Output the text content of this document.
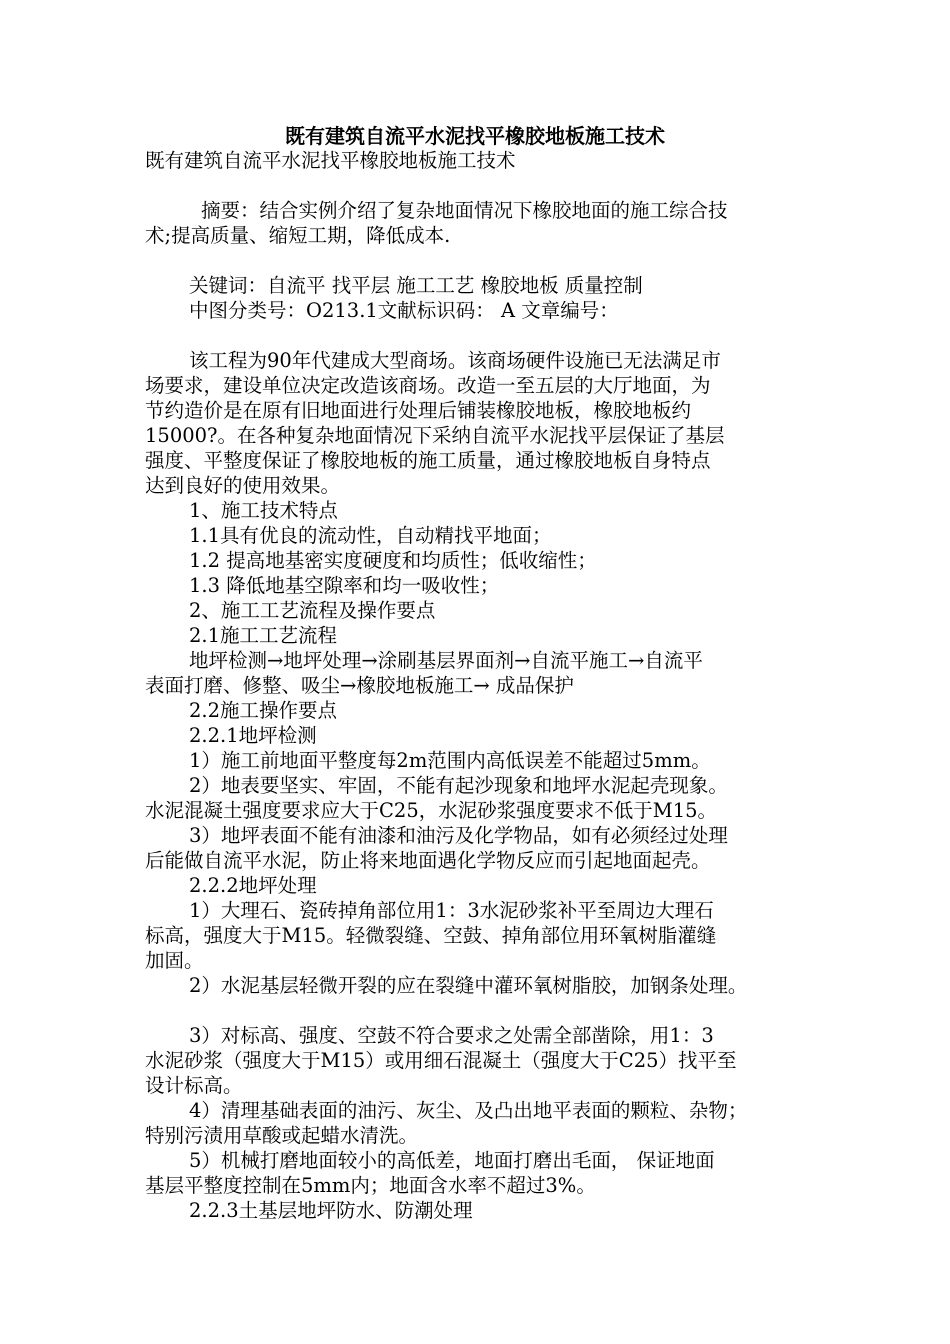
既有建筑自流平水泥找平橡胶地板施工技术
既有建筑自流平水泥找平橡胶地板施工技术
摘要：结合实例介绍了复杂地面情况下橡胶地面的施工综合技
术;提高质量、缩短工期，降低成本.
关键词：自流平 找平层 施工工艺 橡胶地板 质量控制
中图分类号：O213.1文献标识码： A 文章编号：
该工程为90年代建成大型商场。该商场硬件设施已无法满足市
场要求，建设单位决定改造该商场。改造一至五层的大厅地面，为
节约造价是在原有旧地面进行处理后铺装橡胶地板，橡胶地板约
15000?。在各种复杂地面情况下采纳自流平水泥找平层保证了基层
强度、平整度保证了橡胶地板的施工质量，通过橡胶地板自身特点
达到良好的使用效果。
1、施工技术特点
1.1具有优良的流动性，自动精找平地面；
1.2 提高地基密实度硬度和均质性；低收缩性；
1.3 降低地基空隙率和均一吸收性；
2、施工工艺流程及操作要点
2.1施工工艺流程
地坪检测→地坪处理→涂刷基层界面剂→自流平施工→自流平
表面打磨、修整、吸尘→橡胶地板施工→ 成品保护
2.2施工操作要点
2.2.1地坪检测
1）施工前地面平整度每2m范围内高低误差不能超过5mm。
2）地表要坚实、牢固，不能有起沙现象和地坪水泥起壳现象。
水泥混凝土强度要求应大于C25，水泥砂浆强度要求不低于M15。
3）地坪表面不能有油漆和油污及化学物品，如有必须经过处理
后能做自流平水泥，防止将来地面遇化学物反应而引起地面起壳。
2.2.2地坪处理
1）大理石、瓷砖掉角部位用1：3水泥砂浆补平至周边大理石
标高，强度大于M15。轻微裂缝、空鼓、掉角部位用环氧树脂灌缝
加固。
2）水泥基层轻微开裂的应在裂缝中灌环氧树脂胶，加钢条处理。
3）对标高、强度、空鼓不符合要求之处需全部凿除，用1：3
水泥砂浆（强度大于M15）或用细石混凝土（强度大于C25）找平至
设计标高。
4）清理基础表面的油污、灰尘、及凸出地平表面的颗粒、杂物；
特别污渍用草酸或起蜡水清洗。
5）机械打磨地面较小的高低差，地面打磨出毛面， 保证地面
基层平整度控制在5mm内；地面含水率不超过3%。
2.2.3土基层地坪防水、防潮处理
